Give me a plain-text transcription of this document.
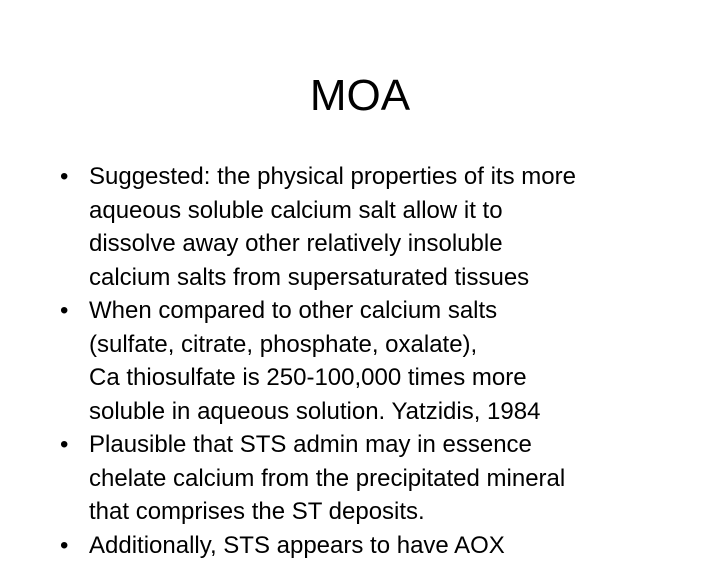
MOA
• Suggested: the physical properties of its more
aqueous soluble calcium salt allow it to
dissolve away other relatively insoluble
calcium salts from supersaturated tissues
• When compared to other calcium salts
(sulfate, citrate, phosphate, oxalate),
Ca thiosulfate is 250-100,000 times more
soluble in aqueous solution. Yatzidis, 1984
• Plausible that STS admin may in essence
chelate calcium from the precipitated mineral
that comprises the ST deposits.
• Additionally, STS appears to have AOX
